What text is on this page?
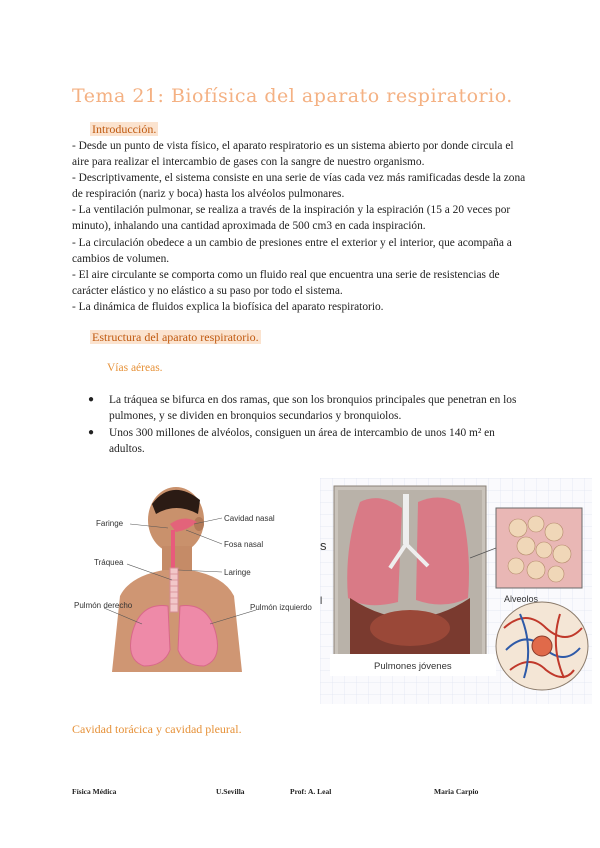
Tema 21: Biofísica del aparato respiratorio.
Introducción.

- Desde un punto de vista físico, el aparato respiratorio es un sistema abierto por donde circula el aire para realizar el intercambio de gases con la sangre de nuestro organismo.

- Descriptivamente, el sistema consiste en una serie de vías cada vez más ramificadas desde la zona de respiración (nariz y boca) hasta los alvéolos pulmonares.

- La ventilación pulmonar, se realiza a través de la inspiración y la espiración (15 a 20 veces por minuto), inhalando una cantidad aproximada de 500 cm3 en cada inspiración.

- La circulación obedece a un cambio de presiones entre el exterior y el interior, que acompaña a cambios de volumen.

- El aire circulante se comporta como un fluido real que encuentra una serie de resistencias de carácter elástico y no elástico a su paso por todo el sistema.

- La dinámica de fluidos explica la biofísica del aparato respiratorio.

Estructura del aparato respiratorio.
Vías aéreas.
● La tráquea se bifurca en dos ramas, que son los bronquios principales que penetran en los pulmones, y se dividen en bronquios secundarios y bronquiolos.
● Unos 300 millones de alvéolos, consiguen un área de intercambio de unos 140 m² en adultos.
Faringe
Cavidad nasal
Fosa nasal
Tráquea
Laringe
Pulmón derecho	Pulmón izquierdo
s
l
Pulmones jóvenes
Alveolos
Cavidad torácica y cavidad pleural.
Física Médica	U.Sevilla	Prof: A. Leal	Maria Carpio
